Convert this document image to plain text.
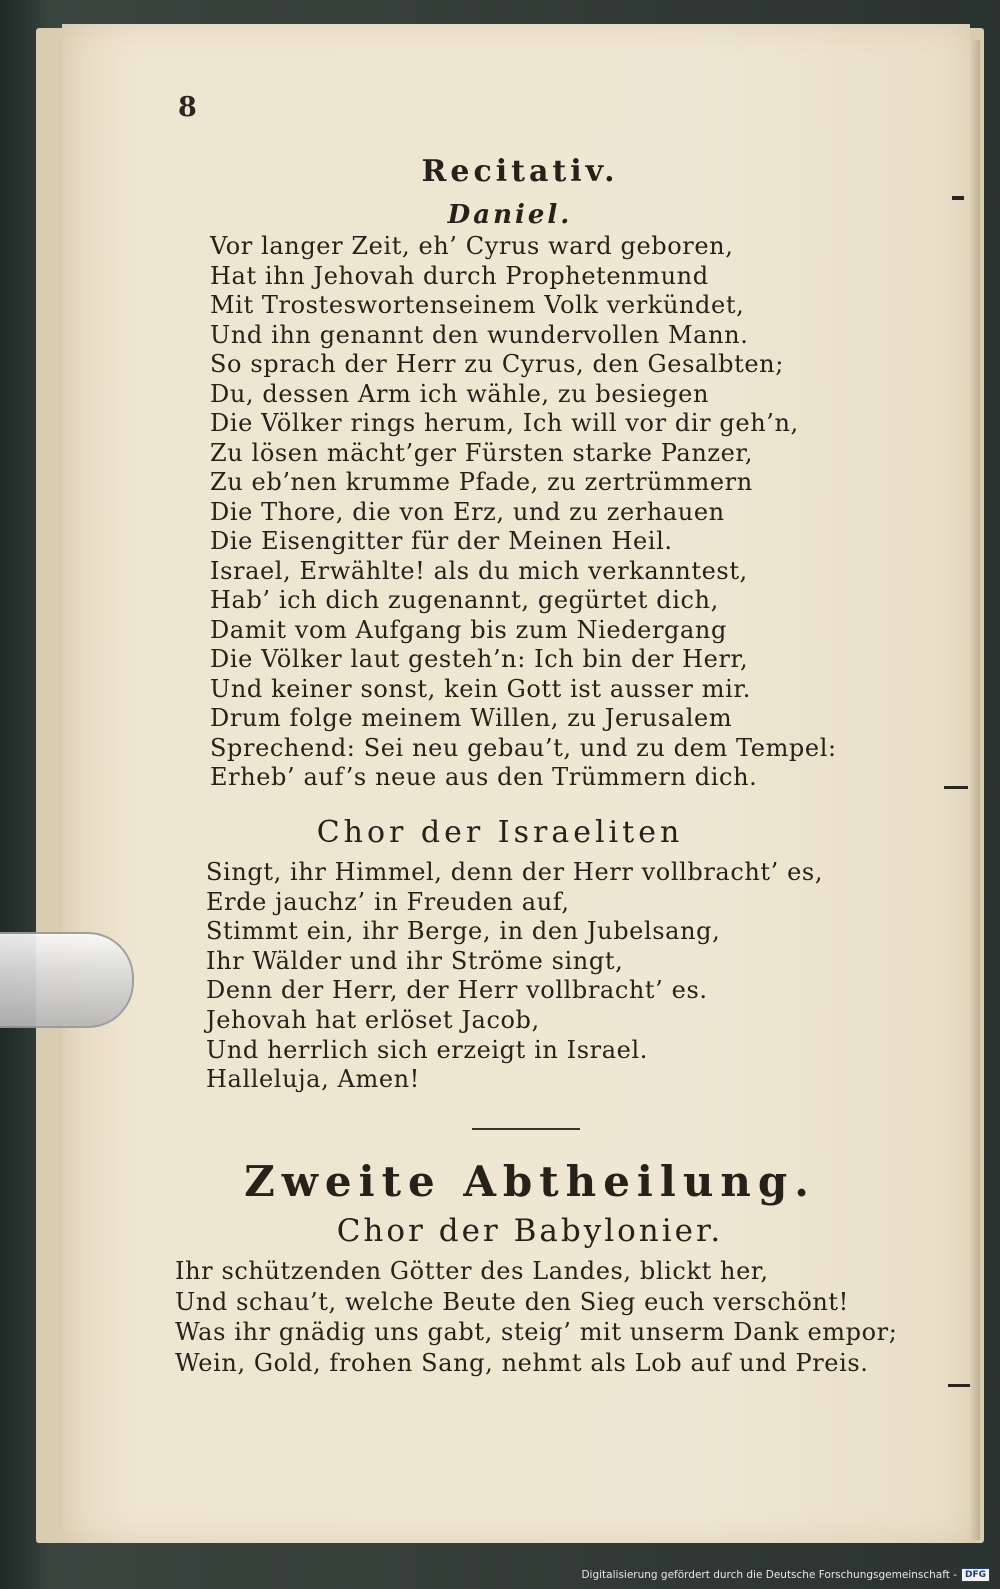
8
Recitativ.
Daniel.
Vor langer Zeit, eh’ Cyrus ward geboren,
Hat ihn Jehovah durch Prophetenmund
Mit Trosteswortenseinem Volk verkündet,
Und ihn genannt den wundervollen Mann.
So sprach der Herr zu Cyrus, den Gesalbten;
Du, dessen Arm ich wähle, zu besiegen
Die Völker rings herum, Ich will vor dir geh’n,
Zu lösen mächt’ger Fürsten starke Panzer,
Zu eb’nen krumme Pfade, zu zertrümmern
Die Thore, die von Erz, und zu zerhauen
Die Eisengitter für der Meinen Heil.
Israel, Erwählte! als du mich verkanntest,
Hab’ ich dich zugenannt, gegürtet dich,
Damit vom Aufgang bis zum Niedergang
Die Völker laut gesteh’n: Ich bin der Herr,
Und keiner sonst, kein Gott ist ausser mir.
Drum folge meinem Willen, zu Jerusalem
Sprechend: Sei neu gebau’t, und zu dem Tempel:
Erheb’ auf’s neue aus den Trümmern dich.
Chor der Israeliten
Singt, ihr Himmel, denn der Herr vollbracht’ es,
Erde jauchz’ in Freuden auf,
Stimmt ein, ihr Berge, in den Jubelsang,
Ihr Wälder und ihr Ströme singt,
Denn der Herr, der Herr vollbracht’ es.
Jehovah hat erlöset Jacob,
Und herrlich sich erzeigt in Israel.
Halleluja, Amen!
Zweite Abtheilung.
Chor der Babylonier.
Ihr schützenden Götter des Landes, blickt her,
Und schau’t, welche Beute den Sieg euch verschönt!
Was ihr gnädig uns gabt, steig’ mit unserm Dank empor;
Wein, Gold, frohen Sang, nehmt als Lob auf und Preis.
Digitalisierung gefördert durch die Deutsche Forschungsgemeinschaft - DFG
